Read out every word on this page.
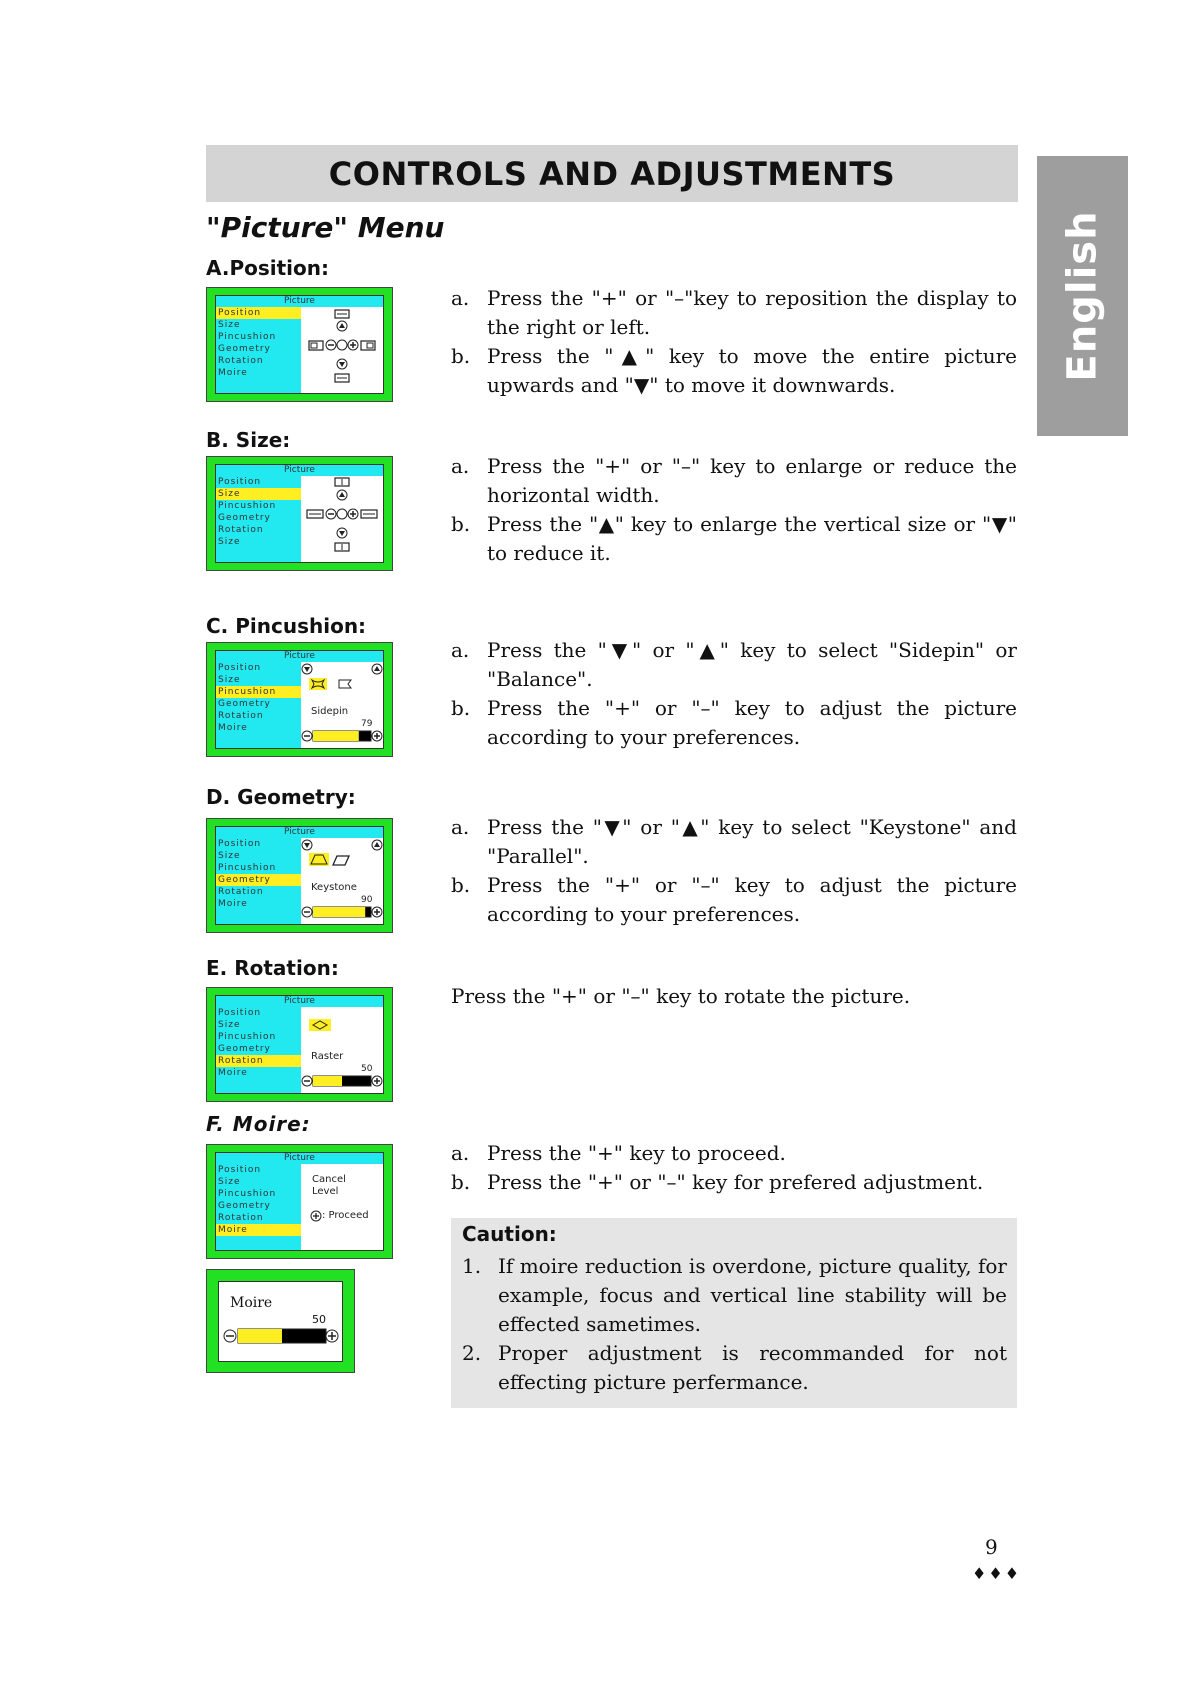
CONTROLS AND ADJUSTMENTS
English
"Picture" Menu
A.Position:
Picture
Position
Size
Pincushion
Geometry
Rotation
Moire
a. Press the "+" or "–"key to reposition the display to the right or left.
b. Press the "▲" key to move the entire picture upwards and "▼" to move it downwards.
B. Size:
Picture
Position
Size
Pincushion
Geometry
Rotation
Size
a. Press the "+" or "–" key to enlarge or reduce the horizontal width.
b. Press the "▲" key to enlarge the vertical size or "▼" to reduce it.
C. Pincushion:
Picture
Position
Size
Pincushion
Geometry
Rotation
Moire
Sidepin
79
a. Press the "▼" or "▲" key to select "Sidepin" or "Balance".
b. Press the "+" or "–" key to adjust the picture according to your preferences.
D. Geometry:
Picture
Position
Size
Pincushion
Geometry
Rotation
Moire
Keystone
90
a. Press the "▼" or "▲" key to select "Keystone" and "Parallel".
b. Press the "+" or "–" key to adjust the picture according to your preferences.
E. Rotation:
Picture
Position
Size
Pincushion
Geometry
Rotation
Moire
Raster
50
Press the "+" or "–" key to rotate the picture.
F. Moire:
Picture
Position
Size
Pincushion
Geometry
Rotation
Moire
Cancel
Level
: Proceed
a. Press the "+" key to proceed.
b. Press the "+" or "–" key for prefered adjustment.
Moire
50
Caution:
1. If moire reduction is overdone, picture quality, for example, focus and vertical line stability will be effected sametimes.
2. Proper adjustment is recommanded for not effecting picture perfermance.
9
♦♦♦
